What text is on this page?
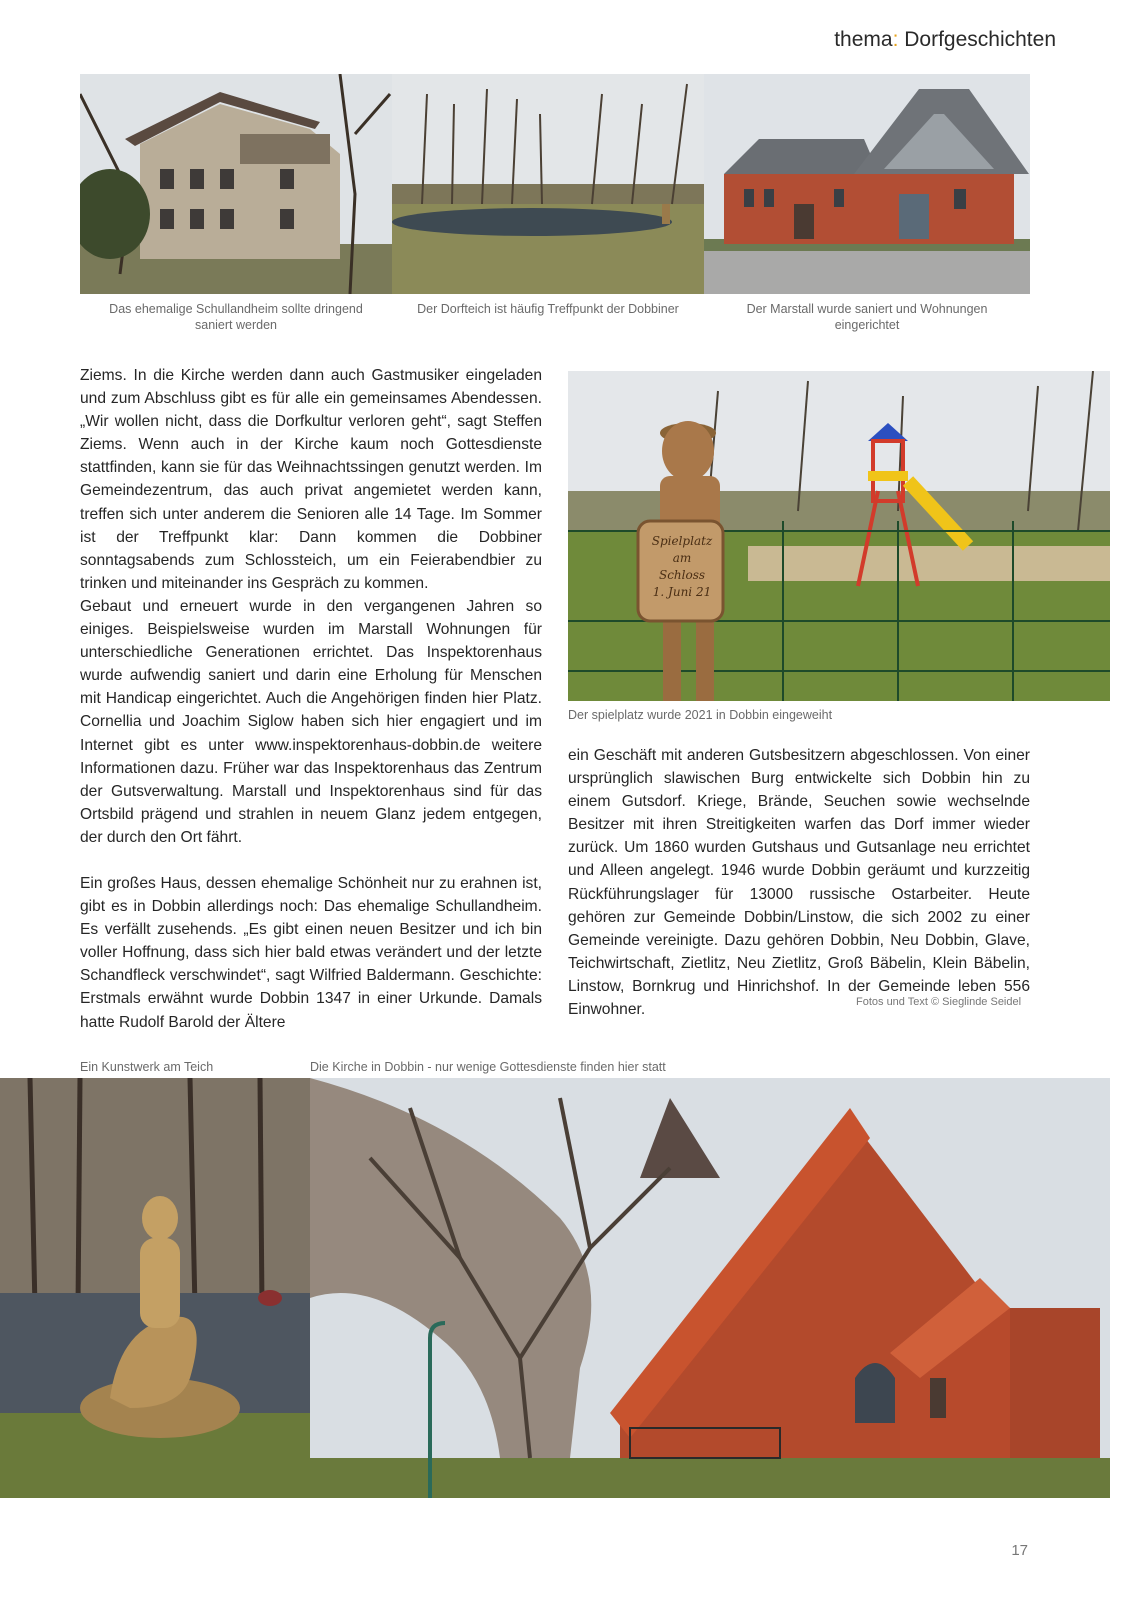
thema: Dorfgeschichten
Das ehemalige Schullandheim sollte dringend saniert werden
Der Dorfteich ist häufig Treffpunkt der Dobbiner	Der Marstall wurde saniert und Wohnungen eingerichtet

Ziems. In die Kirche werden dann auch Gastmusiker eingeladen und zum Abschluss gibt es für alle ein gemeinsames Abendessen. „Wir wollen nicht, dass die Dorfkultur verloren geht“, sagt Steffen Ziems. Wenn auch in der Kirche kaum noch Gottesdienste stattfinden, kann sie für das Weihnachtssingen genutzt werden. Im Gemeindezentrum, das auch privat angemietet werden kann, treffen sich unter anderem die Senioren alle 14 Tage. Im Sommer ist der Treffpunkt klar: Dann kommen die Dobbiner sonntagsabends zum Schlossteich, um ein Feierabendbier zu trinken und miteinander ins Gespräch zu kommen.

Gebaut und erneuert wurde in den vergangenen Jahren so einiges. Beispielsweise wurden im Marstall Wohnungen für unterschiedliche Generationen errichtet. Das Inspektorenhaus wurde aufwendig saniert und darin eine Erholung für Menschen mit Handicap eingerichtet. Auch die Angehörigen finden hier Platz. Cornellia und Joachim Siglow haben sich hier engagiert und im Internet gibt es unter www.inspektorenhaus-dobbin.de weitere Informationen dazu. Früher war das Inspektorenhaus das Zentrum der Gutsverwaltung. Marstall und Inspektorenhaus sind für das Ortsbild prägend und strahlen in neuem Glanz jedem entgegen, der durch den Ort fährt.

Ein großes Haus, dessen ehemalige Schönheit nur zu erahnen ist, gibt es in Dobbin allerdings noch: Das ehemalige Schullandheim. Es verfällt zusehends. „Es gibt einen neuen Besitzer und ich bin voller Hoffnung, dass sich hier bald etwas verändert und der letzte Schandfleck verschwindet“, sagt Wilfried Baldermann. Geschichte: Erstmals erwähnt wurde Dobbin 1347 in einer Urkunde. Damals hatte Rudolf Barold der Ältere

Spielplatz
am
Schloss
1. Juni 21
Der spielplatz wurde 2021 in Dobbin eingeweiht

ein Geschäft mit anderen Gutsbesitzern abgeschlossen. Von einer ursprünglich slawischen Burg entwickelte sich Dobbin hin zu einem Gutsdorf. Kriege, Brände, Seuchen sowie wechselnde Besitzer mit ihren Streitigkeiten warfen das Dorf immer wieder zurück. Um 1860 wurden Gutshaus und Gutsanlage neu errichtet und Alleen angelegt. 1946 wurde Dobbin geräumt und kurzzeitig Rückführungslager für 13000 russische Ostarbeiter. Heute gehören zur Gemeinde Dobbin/Linstow, die sich 2002 zu einer Gemeinde vereinigte. Dazu gehören Dobbin, Neu Dobbin, Glave, Teichwirtschaft, Zietlitz, Neu Zietlitz, Groß Bäbelin, Klein Bäbelin, Linstow, Bornkrug und Hinrichshof. In der Gemeinde leben 556 Einwohner.	Fotos und Text © Sieglinde Seidel
Ein Kunstwerk am Teich	Die Kirche in Dobbin - nur wenige Gottesdienste finden hier statt
17
